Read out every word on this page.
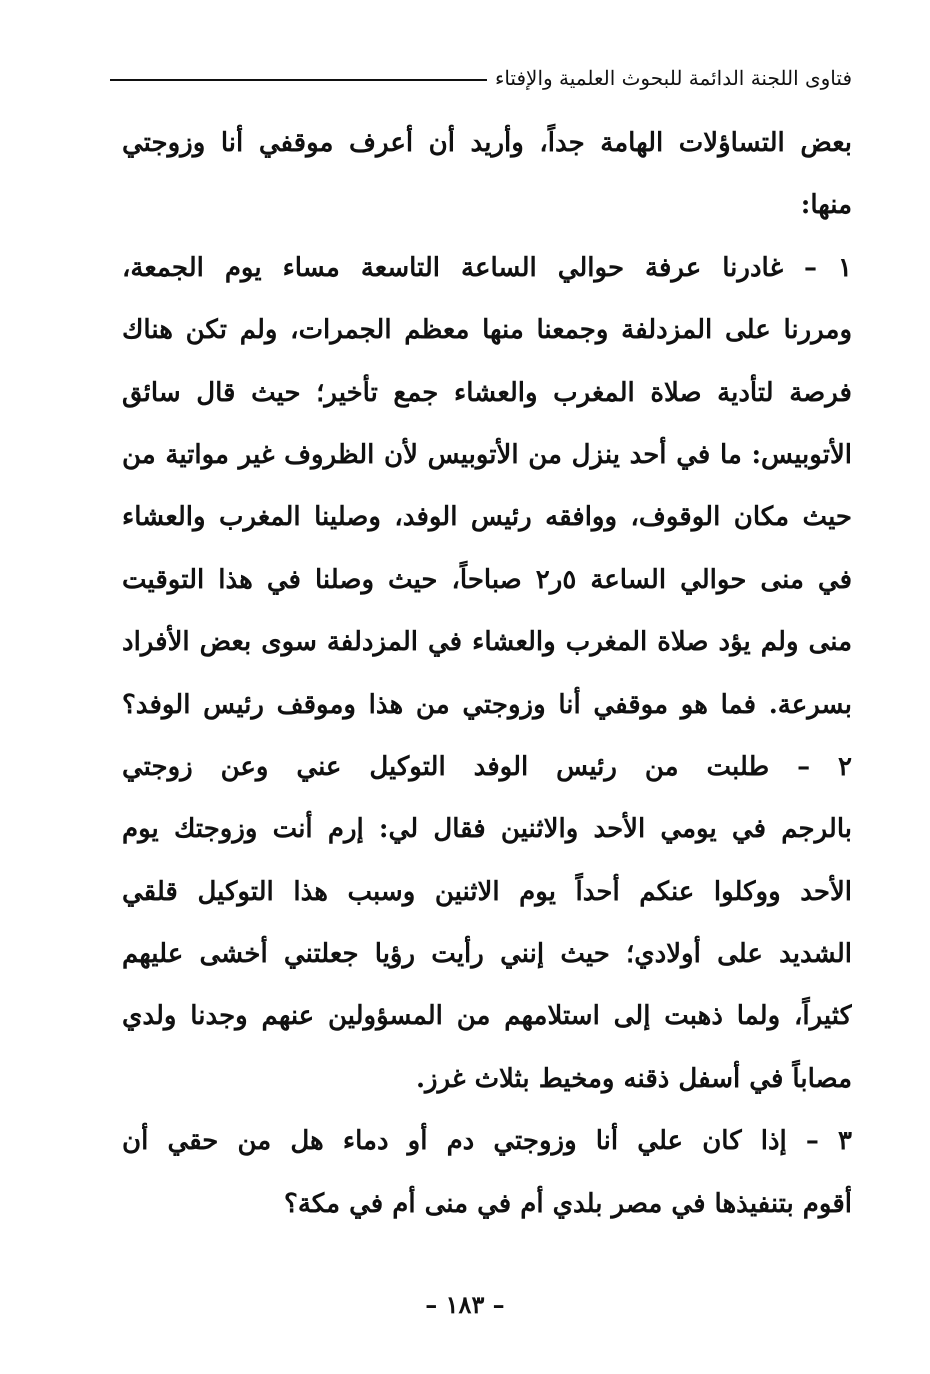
فتاوى اللجنة الدائمة للبحوث العلمية والإفتاء
بعض التساؤلات الهامة جداً، وأريد أن أعرف موقفي أنا وزوجتي
منها:
١ – غادرنا عرفة حوالي الساعة التاسعة مساء يوم الجمعة،
ومررنا على المزدلفة وجمعنا منها معظم الجمرات، ولم تكن هناك
فرصة لتأدية صلاة المغرب والعشاء جمع تأخير؛ حيث قال سائق
الأتوبيس: ما في أحد ينزل من الأتوبيس لأن الظروف غير مواتية من
حيث مكان الوقوف، ووافقه رئيس الوفد، وصلينا المغرب والعشاء
في منى حوالي الساعة ٥ر٢ صباحاً، حيث وصلنا في هذا التوقيت
منى ولم يؤد صلاة المغرب والعشاء في المزدلفة سوى بعض الأفراد
بسرعة. فما هو موقفي أنا وزوجتي من هذا وموقف رئيس الوفد؟
٢ – طلبت من رئيس الوفد التوكيل عني وعن زوجتي
بالرجم في يومي الأحد والاثنين فقال لي: إرم أنت وزوجتك يوم
الأحد ووكلوا عنكم أحداً يوم الاثنين وسبب هذا التوكيل قلقي
الشديد على أولادي؛ حيث إنني رأيت رؤيا جعلتني أخشى عليهم
كثيراً، ولما ذهبت إلى استلامهم من المسؤولين عنهم وجدنا ولدي
مصاباً في أسفل ذقنه ومخيط بثلاث غرز.
٣ – إذا كان علي أنا وزوجتي دم أو دماء هل من حقي أن
أقوم بتنفيذها في مصر بلدي أم في منى أم في مكة؟
– ١٨٣ –
